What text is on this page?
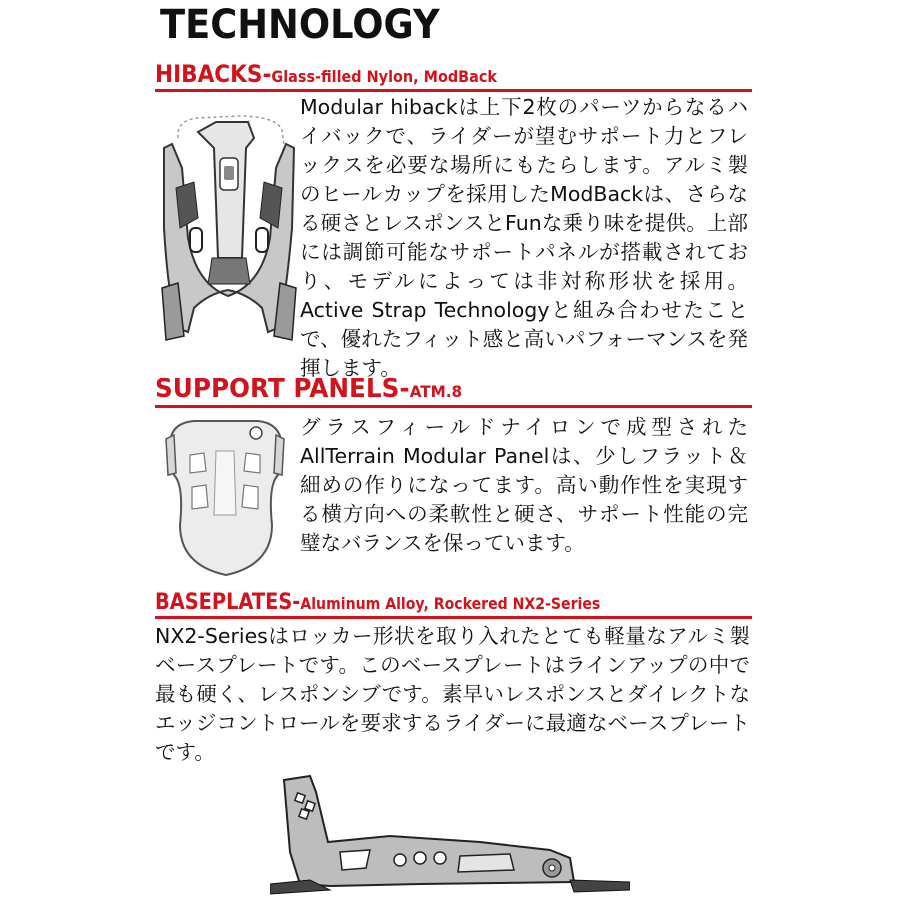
TECHNOLOGY
HIBACKS-Glass-filled Nylon, ModBack
Modular hibackは上下2枚のパーツからなるハイバックで、ライダーが望むサポート力とフレックスを必要な場所にもたらします。アルミ製のヒールカップを採用したModBackは、さらなる硬さとレスポンスとFunな乗り味を提供。上部には調節可能なサポートパネルが搭載されており、モデルによっては非対称形状を採用。Active Strap Technologyと組み合わせたことで、優れたフィット感と高いパフォーマンスを発揮します。
SUPPORT PANELS-ATM.8
グラスフィールドナイロンで成型されたAllTerrain Modular Panelは、少しフラット＆細めの作りになってます。高い動作性を実現する横方向への柔軟性と硬さ、サポート性能の完璧なバランスを保っています。
BASEPLATES-Aluminum Alloy, Rockered NX2-Series
NX2-Seriesはロッカー形状を取り入れたとても軽量なアルミ製ベースプレートです。このベースプレートはラインアップの中で最も硬く、レスポンシブです。素早いレスポンスとダイレクトなエッジコントロールを要求するライダーに最適なベースプレートです。
